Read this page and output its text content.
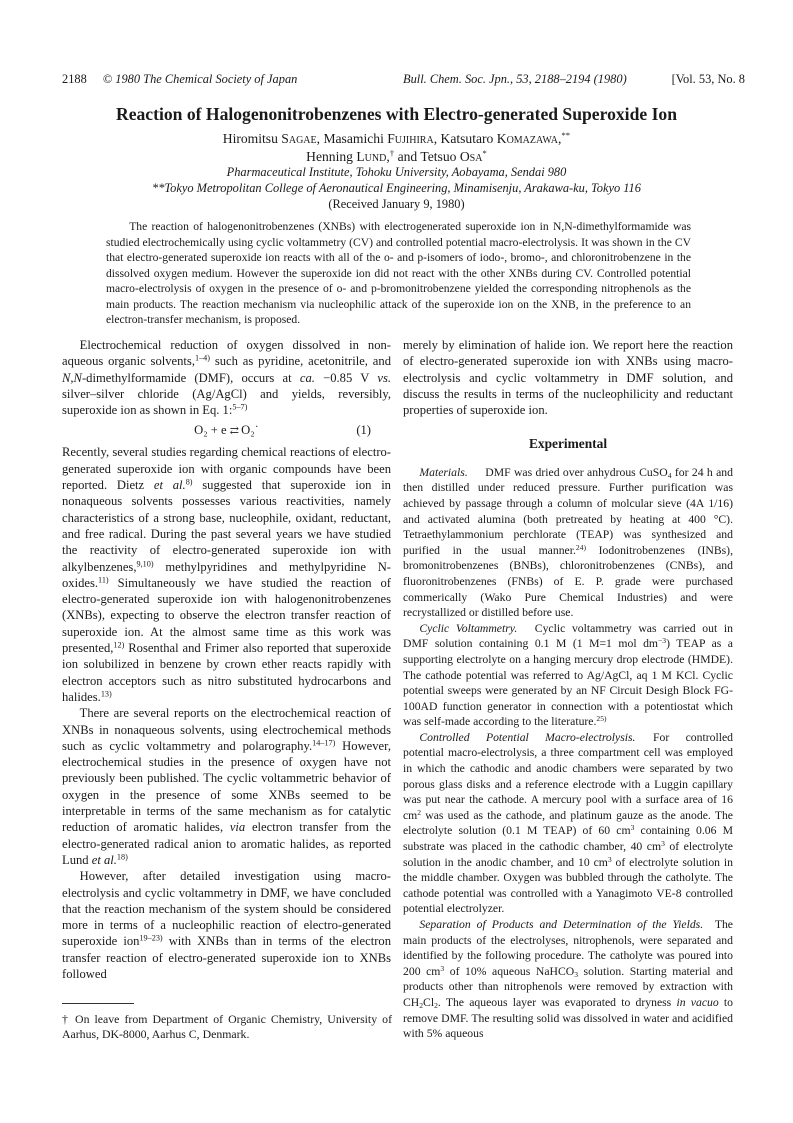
2188 © 1980 The Chemical Society of Japan	Bull. Chem. Soc. Jpn., 53, 2188–2194 (1980)	[Vol. 53, No. 8
Reaction of Halogenonitrobenzenes with Electro-generated Superoxide Ion
Hiromitsu Sagae, Masamichi Fujihira, Katsutaro Komazawa,**
Henning Lund,† and Tetsuo Osa*
Pharmaceutical Institute, Tohoku University, Aobayama, Sendai 980
**Tokyo Metropolitan College of Aeronautical Engineering, Minamisenju, Arakawa-ku, Tokyo 116
(Received January 9, 1980)
The reaction of halogenonitrobenzenes (XNBs) with electrogenerated superoxide ion in N,N-dimethylformamide was studied electrochemically using cyclic voltammetry (CV) and controlled potential macro-electrolysis. It was shown in the CV that electro-generated superoxide ion reacts with all of the o- and p-isomers of iodo-, bromo-, and chloronitrobenzene in the dissolved oxygen medium. However the superoxide ion did not react with the other XNBs during CV. Controlled potential macro-electrolysis of oxygen in the presence of o- and p-bromonitrobenzene yielded the corresponding nitrophenols as the main products. The reaction mechanism via nucleophilic attack of the superoxide ion on the XNB, in the preference to an electron-transfer mechanism, is proposed.

Electrochemical reduction of oxygen dissolved in non-aqueous organic solvents,$^{1-4)}$ such as pyridine, acetonitrile, and N,N-dimethylformamide (DMF), occurs at ca. −0.85 V vs. silver–silver chloride (Ag/AgCl) and yields, reversibly, superoxide ion as shown in Eq. 1:$^{5-7)}$

O₂ + e ⇄ O₂˙	(1)

Recently, several studies regarding chemical reactions of electro-generated superoxide ion with organic compounds have been reported. Dietz et al.$^{8)}$ suggested that superoxide ion in nonaqueous solvents possesses various reactivities, namely characteristics of a strong base, nucleophile, oxidant, reductant, and free radical. During the past several years we have studied the reactivity of electro-generated superoxide ion with alkylbenzenes,$^{9,10)}$ methylpyridines and methylpyridine N-oxides.$^{11)}$ Simultaneously we have studied the reaction of electro-generated superoxide ion with halogenonitrobenzenes (XNBs), expecting to observe the electron transfer reaction of superoxide ion. At the almost same time as this work was presented,$^{12)}$ Rosenthal and Frimer also reported that superoxide ion solubilized in benzene by crown ether reacts rapidly with electron acceptors such as nitro substituted hydrocarbons and halides.$^{13)}$

There are several reports on the electrochemical reaction of XNBs in nonaqueous solvents, using electrochemical methods such as cyclic voltammetry and polarography.$^{14-17)}$ However, electrochemical studies in the presence of oxygen have not previously been published. The cyclic voltammetric behavior of oxygen in the presence of some XNBs seemed to be interpretable in terms of the same mechanism as for catalytic reduction of aromatic halides, via electron transfer from the electro-generated radical anion to aromatic halides, as reported Lund et al.$^{18)}$

However, after detailed investigation using macro-electrolysis and cyclic voltammetry in DMF, we have concluded that the reaction mechanism of the system should be considered more in terms of a nucleophilic reaction of electro-generated superoxide ion$^{19-23)}$ with XNBs than in terms of the electron transfer reaction of electro-generated superoxide ion to XNBs followed

merely by elimination of halide ion. We report here the reaction of electro-generated superoxide ion with XNBs using macro-electrolysis and cyclic voltammetry in DMF solution, and discuss the results in terms of the nucleophilicity and reductant properties of superoxide ion.

Experimental

Materials.   DMF was dried over anhydrous CuSO$_4$ for 24 h and then distilled under reduced pressure. Further purification was achieved by passage through a column of molcular sieve (4A 1/16) and activated alumina (both pretreated by heating at 400 °C). Tetraethylammonium perchlorate (TEAP) was synthesized and purified in the usual manner.$^{24)}$ Iodonitrobenzenes (INBs), bromonitrobenzenes (BNBs), chloronitrobenzenes (CNBs), and fluoronitrobenzenes (FNBs) of E. P. grade were purchased commerically (Wako Pure Chemical Industries) and were recrystallized or distilled before use.

Cyclic Voltammetry.   Cyclic voltammetry was carried out in DMF solution containing 0.1 M (1 M=1 mol $dm^{-3}$) TEAP as a supporting electrolyte on a hanging mercury drop electrode (HMDE). The cathode potential was referred to Ag/AgCl, aq 1 M KCl. Cyclic potential sweeps were generated by an NF Circuit Desigh Block FG-100AD function generator in connection with a potentiostat which was self-made according to the literature.$^{25)}$

Controlled Potential Macro-electrolysis.   For controlled potential macro-electrolysis, a three compartment cell was employed in which the cathodic and anodic chambers were separated by two porous glass disks and a reference electrode with a Luggin capillary was put near the cathode. A mercury pool with a surface area of 16 $cm^2$ was used as the cathode, and platinum gauze as the anode. The electrolyte solution (0.1 M TEAP) of 60 $cm^3$ containing 0.06 M substrate was placed in the cathodic chamber, 40 $cm^3$ of electrolyte solution in the anodic chamber, and 10 $cm^3$ of electrolyte solution in the middle chamber. Oxygen was bubbled through the catholyte. The cathode potential was controlled with a Yanagimoto VE-8 controlled potential electrolyzer.

Separation of Products and Determination of the Yields.  The main products of the electrolyses, nitrophenols, were separated and identified by the following procedure. The catholyte was poured into 200 $cm^3$ of 10% aqueous NaHCO$_3$ solution. Starting material and products other than nitrophenols were removed by extraction with $CH_2Cl_2$. The aqueous layer was evaporated to dryness in vacuo to remove DMF. The resulting solid was dissolved in water and acidified with 5% aqueous

† On leave from Department of Organic Chemistry, University of Aarhus, DK-8000, Aarhus C, Denmark.
